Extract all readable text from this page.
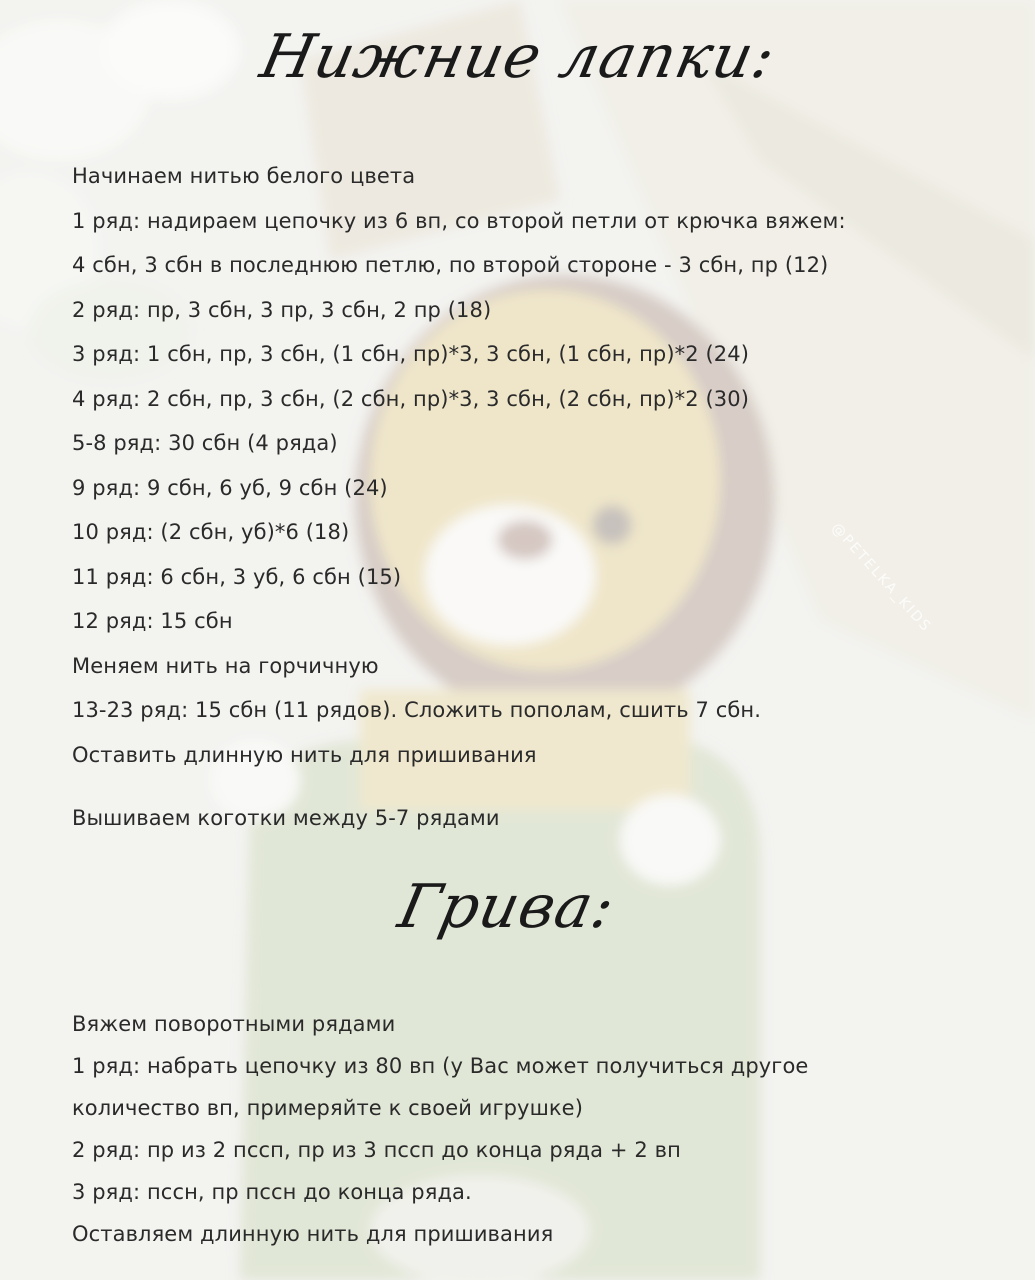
Нижние лапки:
Начинаем нитью белого цвета
1 ряд: надираем цепочку из 6 вп, со второй петли от крючка вяжем:
4 сбн, 3 сбн в последнюю петлю, по второй стороне - 3 сбн, пр (12)
2 ряд: пр, 3 сбн, 3 пр, 3 сбн, 2 пр (18)
3 ряд: 1 сбн, пр, 3 сбн, (1 сбн, пр)*3, 3 сбн, (1 сбн, пр)*2 (24)
4 ряд: 2 сбн, пр, 3 сбн, (2 сбн, пр)*3, 3 сбн, (2 сбн, пр)*2 (30)
5-8 ряд: 30 сбн (4 ряда)
9 ряд: 9 сбн, 6 уб, 9 сбн (24)
10 ряд: (2 сбн, уб)*6 (18)
11 ряд: 6 сбн, 3 уб, 6 сбн (15)
12 ряд: 15 сбн
Меняем нить на горчичную
13-23 ряд: 15 сбн (11 рядов). Сложить пополам, сшить 7 сбн.
Оставить длинную нить для пришивания
Вышиваем коготки между 5-7 рядами
Грива:
Вяжем поворотными рядами
1 ряд: набрать цепочку из 80 вп (у Вас может получиться другое
количество вп, примеряйте к своей игрушке)
2 ряд: пр из 2 пссп, пр из 3 пссп до конца ряда + 2 вп
3 ряд: пссн, пр пссн до конца ряда.
Оставляем длинную нить для пришивания
@PETELKA_KIDS
